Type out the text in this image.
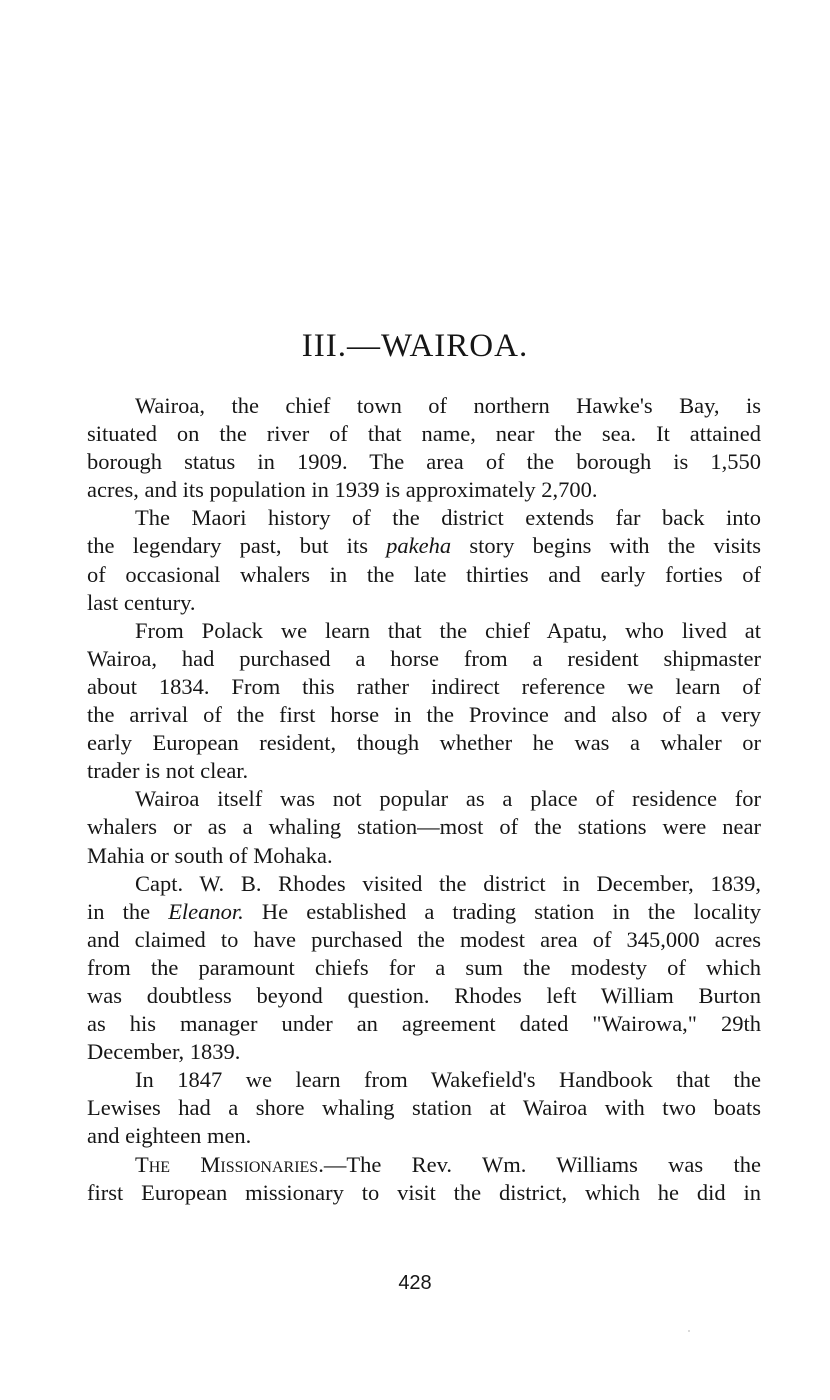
III.—WAIROA.

Wairoa, the chief town of northern Hawke's Bay, is
situated on the river of that name, near the sea. It attained
borough status in 1909. The area of the borough is 1,550
acres, and its population in 1939 is approximately 2,700.

The Maori history of the district extends far back into
the legendary past, but its pakeha story begins with the visits
of occasional whalers in the late thirties and early forties of
last century.

From Polack we learn that the chief Apatu, who lived at
Wairoa, had purchased a horse from a resident shipmaster
about 1834. From this rather indirect reference we learn of
the arrival of the first horse in the Province and also of a very
early European resident, though whether he was a whaler or
trader is not clear.

Wairoa itself was not popular as a place of residence for
whalers or as a whaling station—most of the stations were near
Mahia or south of Mohaka.

Capt. W. B. Rhodes visited the district in December, 1839,
in the Eleanor. He established a trading station in the locality
and claimed to have purchased the modest area of 345,000 acres
from the paramount chiefs for a sum the modesty of which
was doubtless beyond question. Rhodes left William Burton
as his manager under an agreement dated "Wairowa," 29th
December, 1839.

In 1847 we learn from Wakefield's Handbook that the
Lewises had a shore whaling station at Wairoa with two boats
and eighteen men.

The Missionaries.—The Rev. Wm. Williams was the
first European missionary to visit the district, which he did in

428
